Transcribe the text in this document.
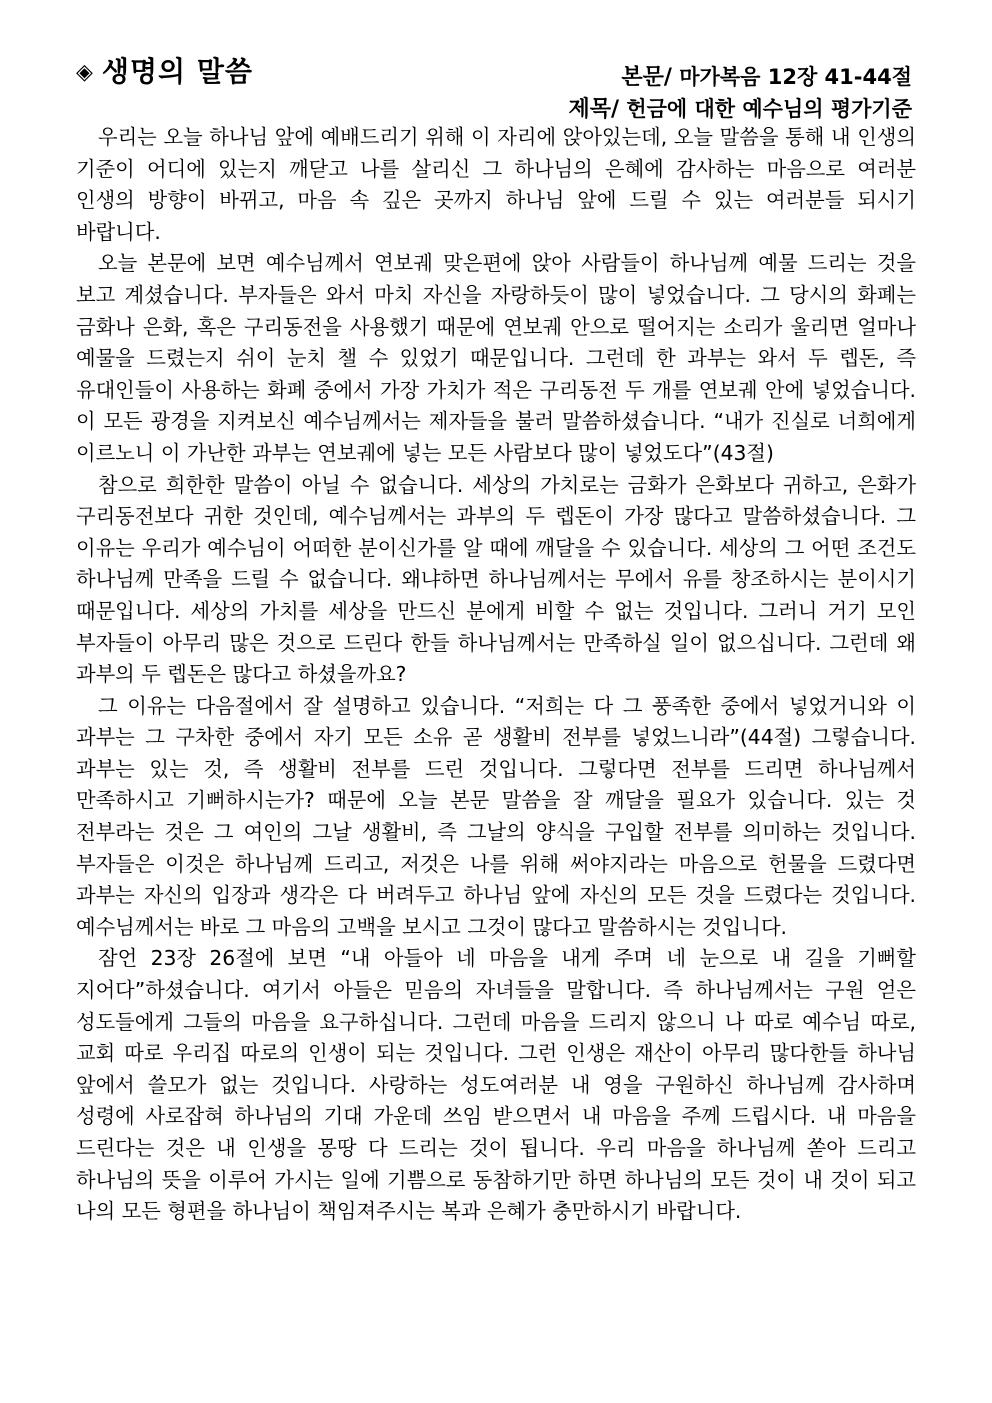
◈ 생명의 말씀	본문/ 마가복음 12장 41-44절
제목/ 헌금에 대한 예수님의 평가기준

우리는 오늘 하나님 앞에 예배드리기 위해 이 자리에 앉아있는데, 오늘 말씀을 통해 내 인생의 기준이 어디에 있는지 깨닫고 나를 살리신 그 하나님의 은혜에 감사하는 마음으로 여러분 인생의 방향이 바뀌고, 마음 속 깊은 곳까지 하나님 앞에 드릴 수 있는 여러분들 되시기 바랍니다.

오늘 본문에 보면 예수님께서 연보궤 맞은편에 앉아 사람들이 하나님께 예물 드리는 것을 보고 계셨습니다. 부자들은 와서 마치 자신을 자랑하듯이 많이 넣었습니다. 그 당시의 화폐는 금화나 은화, 혹은 구리동전을 사용했기 때문에 연보궤 안으로 떨어지는 소리가 울리면 얼마나 예물을 드렸는지 쉬이 눈치 챌 수 있었기 때문입니다. 그런데 한 과부는 와서 두 렙돈, 즉 유대인들이 사용하는 화폐 중에서 가장 가치가 적은 구리동전 두 개를 연보궤 안에 넣었습니다. 이 모든 광경을 지켜보신 예수님께서는 제자들을 불러 말씀하셨습니다. “내가 진실로 너희에게 이르노니 이 가난한 과부는 연보궤에 넣는 모든 사람보다 많이 넣었도다”(43절)

참으로 희한한 말씀이 아닐 수 없습니다. 세상의 가치로는 금화가 은화보다 귀하고, 은화가 구리동전보다 귀한 것인데, 예수님께서는 과부의 두 렙돈이 가장 많다고 말씀하셨습니다. 그 이유는 우리가 예수님이 어떠한 분이신가를 알 때에 깨달을 수 있습니다. 세상의 그 어떤 조건도 하나님께 만족을 드릴 수 없습니다. 왜냐하면 하나님께서는 무에서 유를 창조하시는 분이시기 때문입니다. 세상의 가치를 세상을 만드신 분에게 비할 수 없는 것입니다. 그러니 거기 모인 부자들이 아무리 많은 것으로 드린다 한들 하나님께서는 만족하실 일이 없으십니다. 그런데 왜 과부의 두 렙돈은 많다고 하셨을까요?

그 이유는 다음절에서 잘 설명하고 있습니다. “저희는 다 그 풍족한 중에서 넣었거니와 이 과부는 그 구차한 중에서 자기 모든 소유 곧 생활비 전부를 넣었느니라”(44절) 그렇습니다. 과부는 있는 것, 즉 생활비 전부를 드린 것입니다. 그렇다면 전부를 드리면 하나님께서 만족하시고 기뻐하시는가? 때문에 오늘 본문 말씀을 잘 깨달을 필요가 있습니다. 있는 것 전부라는 것은 그 여인의 그날 생활비, 즉 그날의 양식을 구입할 전부를 의미하는 것입니다. 부자들은 이것은 하나님께 드리고, 저것은 나를 위해 써야지라는 마음으로 헌물을 드렸다면 과부는 자신의 입장과 생각은 다 버려두고 하나님 앞에 자신의 모든 것을 드렸다는 것입니다. 예수님께서는 바로 그 마음의 고백을 보시고 그것이 많다고 말씀하시는 것입니다.

잠언 23장 26절에 보면 “내 아들아 네 마음을 내게 주며 네 눈으로 내 길을 기뻐할 지어다”하셨습니다. 여기서 아들은 믿음의 자녀들을 말합니다. 즉 하나님께서는 구원 얻은 성도들에게 그들의 마음을 요구하십니다. 그런데 마음을 드리지 않으니 나 따로 예수님 따로, 교회 따로 우리집 따로의 인생이 되는 것입니다. 그런 인생은 재산이 아무리 많다한들 하나님 앞에서 쓸모가 없는 것입니다. 사랑하는 성도여러분 내 영을 구원하신 하나님께 감사하며 성령에 사로잡혀 하나님의 기대 가운데 쓰임 받으면서 내 마음을 주께 드립시다. 내 마음을 드린다는 것은 내 인생을 몽땅 다 드리는 것이 됩니다. 우리 마음을 하나님께 쏟아 드리고 하나님의 뜻을 이루어 가시는 일에 기쁨으로 동참하기만 하면 하나님의 모든 것이 내 것이 되고 나의 모든 형편을 하나님이 책임져주시는 복과 은혜가 충만하시기 바랍니다.
